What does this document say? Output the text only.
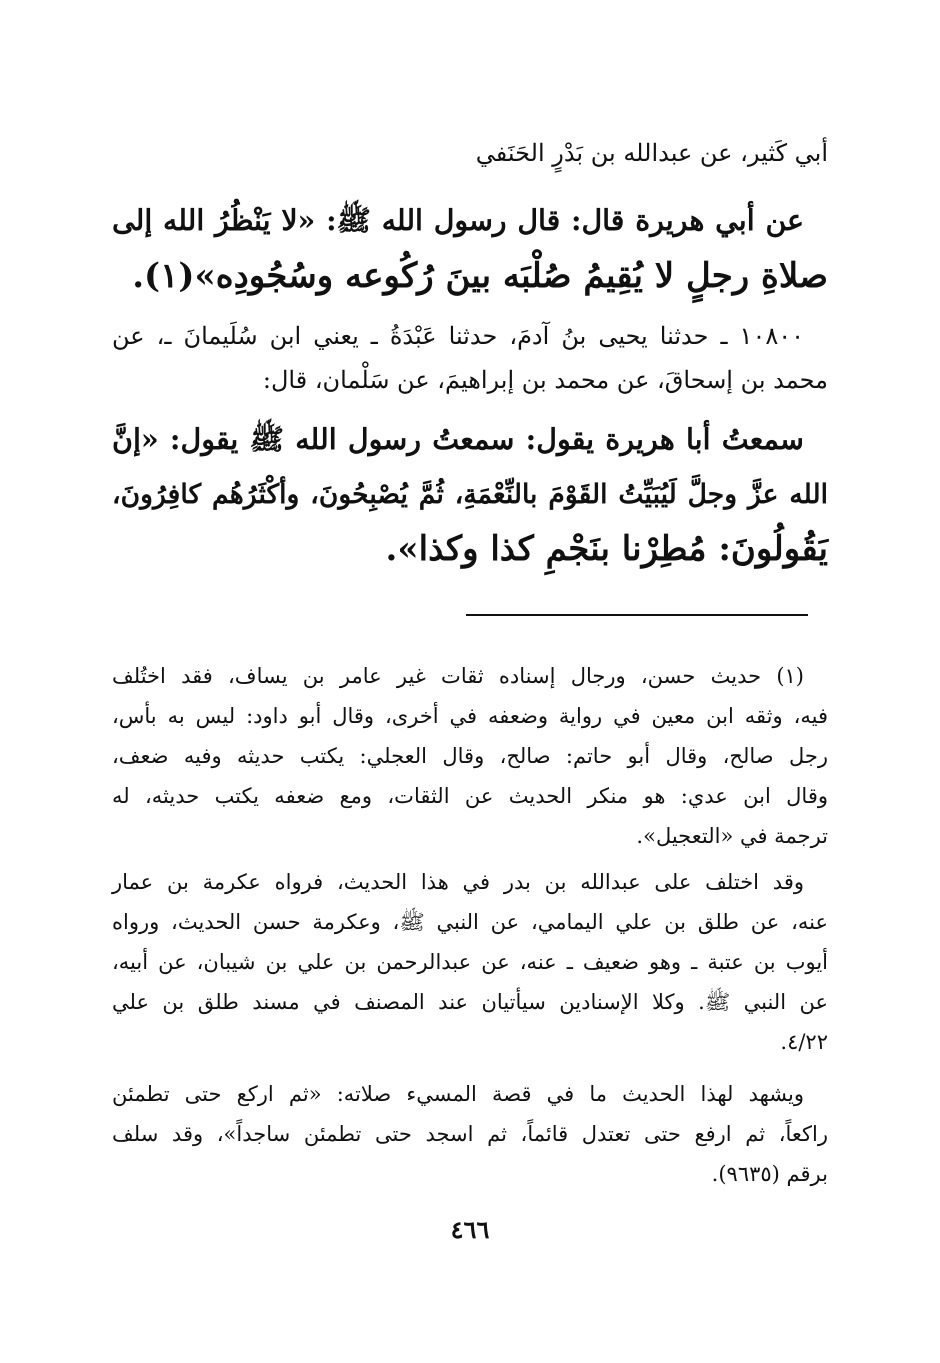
أبي كَثير، عن عبدالله بن بَدْرٍ الحَنَفي
عن أبي هريرة قال: قال رسول الله ﷺ: «لا يَنْظُرُ الله إلى
صلاةِ رجلٍ لا يُقِيمُ صُلْبَه بينَ رُكُوعه وسُجُودِه»(١).
١٠٨٠٠ ـ حدثنا يحيى بنُ آدمَ، حدثنا عَبْدَةُ ـ يعني ابن سُلَيمانَ ـ، عن
محمد بن إسحاقَ، عن محمد بن إبراهيمَ، عن سَلْمان، قال:
سمعتُ أبا هريرة يقول: سمعتُ رسول الله ﷺ يقول: «إنَّ
الله عزَّ وجلَّ لَيُبَيِّتُ القَوْمَ بالنِّعْمَةِ، ثُمَّ يُصْبِحُونَ، وأكْثَرُهُم كافِرُونَ،
يَقُولُونَ: مُطِرْنا بنَجْمِ كذا وكذا».
(١) حديث حسن، ورجال إسناده ثقات غير عامر بن يساف، فقد اختُلف
فيه، وثقه ابن معين في رواية وضعفه في أخرى، وقال أبو داود: ليس به بأس،
رجل صالح، وقال أبو حاتم: صالح، وقال العجلي: يكتب حديثه وفيه ضعف،
وقال ابن عدي: هو منكر الحديث عن الثقات، ومع ضعفه يكتب حديثه، له
ترجمة في «التعجيل».
وقد اختلف على عبدالله بن بدر في هذا الحديث، فرواه عكرمة بن عمار
عنه، عن طلق بن علي اليمامي، عن النبي ﷺ، وعكرمة حسن الحديث، ورواه
أيوب بن عتبة ـ وهو ضعيف ـ عنه، عن عبدالرحمن بن علي بن شيبان، عن أبيه،
عن النبي ﷺ. وكلا الإسنادين سيأتيان عند المصنف في مسند طلق بن علي
٤/٢٢.
ويشهد لهذا الحديث ما في قصة المسيء صلاته: «ثم اركع حتى تطمئن
راكعاً، ثم ارفع حتى تعتدل قائماً، ثم اسجد حتى تطمئن ساجداً»، وقد سلف
برقم (٩٦٣٥).
٤٦٦
